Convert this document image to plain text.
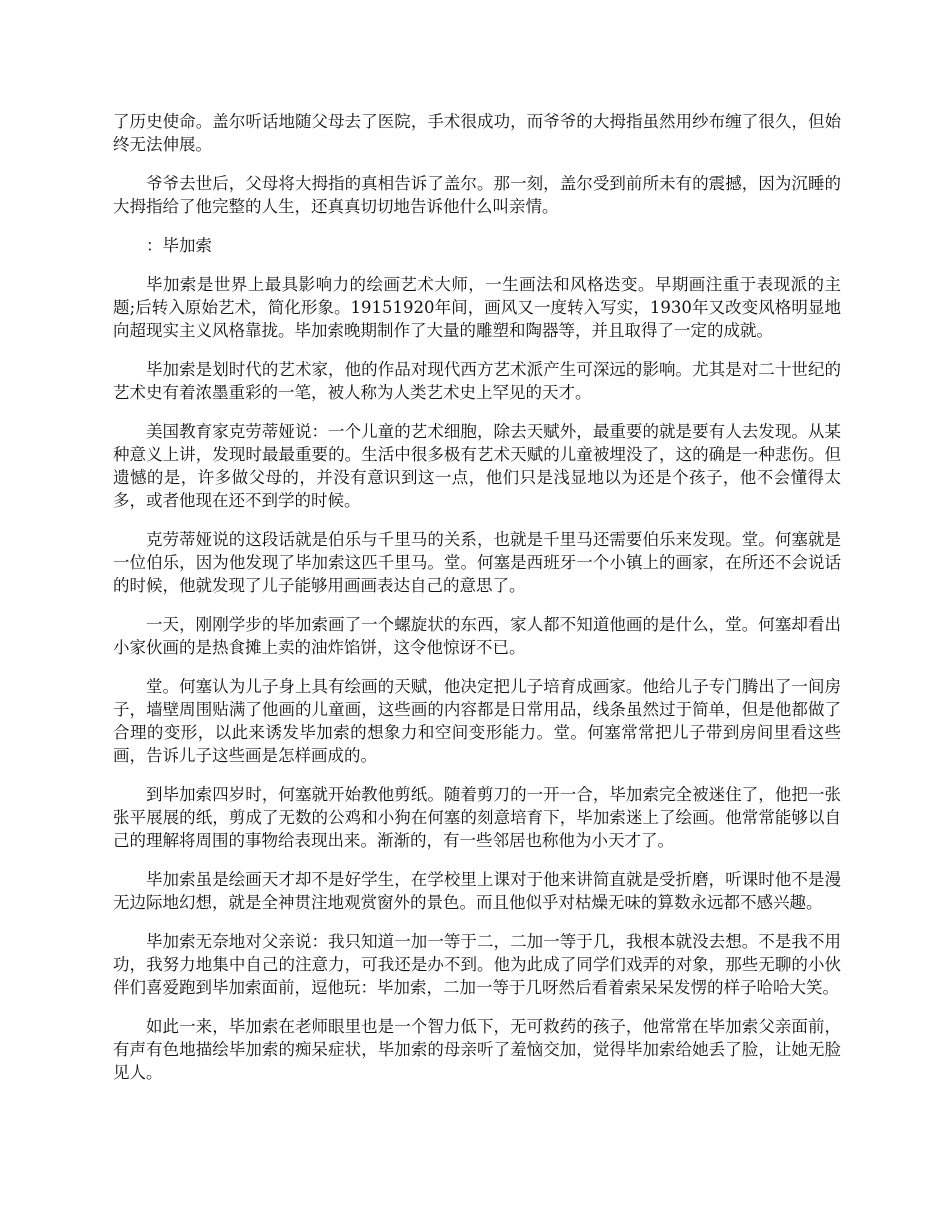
了历史使命。盖尔听话地随父母去了医院，手术很成功，而爷爷的大拇指虽然用纱布缠了很久，但始终无法伸展。

爷爷去世后，父母将大拇指的真相告诉了盖尔。那一刻，盖尔受到前所未有的震撼，因为沉睡的大拇指给了他完整的人生，还真真切切地告诉他什么叫亲情。

：毕加索

毕加索是世界上最具影响力的绘画艺术大师，一生画法和风格迭变。早期画注重于表现派的主题;后转入原始艺术，简化形象。19151920年间，画风又一度转入写实，1930年又改变风格明显地向超现实主义风格靠拢。毕加索晚期制作了大量的雕塑和陶器等，并且取得了一定的成就。

毕加索是划时代的艺术家，他的作品对现代西方艺术派产生可深远的影响。尤其是对二十世纪的艺术史有着浓墨重彩的一笔，被人称为人类艺术史上罕见的天才。

美国教育家克劳蒂娅说：一个儿童的艺术细胞，除去天赋外，最重要的就是要有人去发现。从某种意义上讲，发现时最最重要的。生活中很多极有艺术天赋的儿童被埋没了，这的确是一种悲伤。但遗憾的是，许多做父母的，并没有意识到这一点，他们只是浅显地以为还是个孩子，他不会懂得太多，或者他现在还不到学的时候。

克劳蒂娅说的这段话就是伯乐与千里马的关系，也就是千里马还需要伯乐来发现。堂。何塞就是一位伯乐，因为他发现了毕加索这匹千里马。堂。何塞是西班牙一个小镇上的画家，在所还不会说话的时候，他就发现了儿子能够用画画表达自己的意思了。

一天，刚刚学步的毕加索画了一个螺旋状的东西，家人都不知道他画的是什么，堂。何塞却看出小家伙画的是热食摊上卖的油炸馅饼，这令他惊讶不已。

堂。何塞认为儿子身上具有绘画的天赋，他决定把儿子培育成画家。他给儿子专门腾出了一间房子，墙壁周围贴满了他画的儿童画，这些画的内容都是日常用品，线条虽然过于简单，但是他都做了合理的变形，以此来诱发毕加索的想象力和空间变形能力。堂。何塞常常把儿子带到房间里看这些画，告诉儿子这些画是怎样画成的。

到毕加索四岁时，何塞就开始教他剪纸。随着剪刀的一开一合，毕加索完全被迷住了，他把一张张平展展的纸，剪成了无数的公鸡和小狗在何塞的刻意培育下，毕加索迷上了绘画。他常常能够以自己的理解将周围的事物给表现出来。渐渐的，有一些邻居也称他为小天才了。

毕加索虽是绘画天才却不是好学生，在学校里上课对于他来讲简直就是受折磨，听课时他不是漫无边际地幻想，就是全神贯注地观赏窗外的景色。而且他似乎对枯燥无味的算数永远都不感兴趣。

毕加索无奈地对父亲说：我只知道一加一等于二，二加一等于几，我根本就没去想。不是我不用功，我努力地集中自己的注意力，可我还是办不到。他为此成了同学们戏弄的对象，那些无聊的小伙伴们喜爱跑到毕加索面前，逗他玩：毕加索，二加一等于几呀然后看着索呆呆发愣的样子哈哈大笑。

如此一来，毕加索在老师眼里也是一个智力低下，无可救药的孩子，他常常在毕加索父亲面前，有声有色地描绘毕加索的痴呆症状，毕加索的母亲听了羞恼交加，觉得毕加索给她丢了脸，让她无脸见人。
